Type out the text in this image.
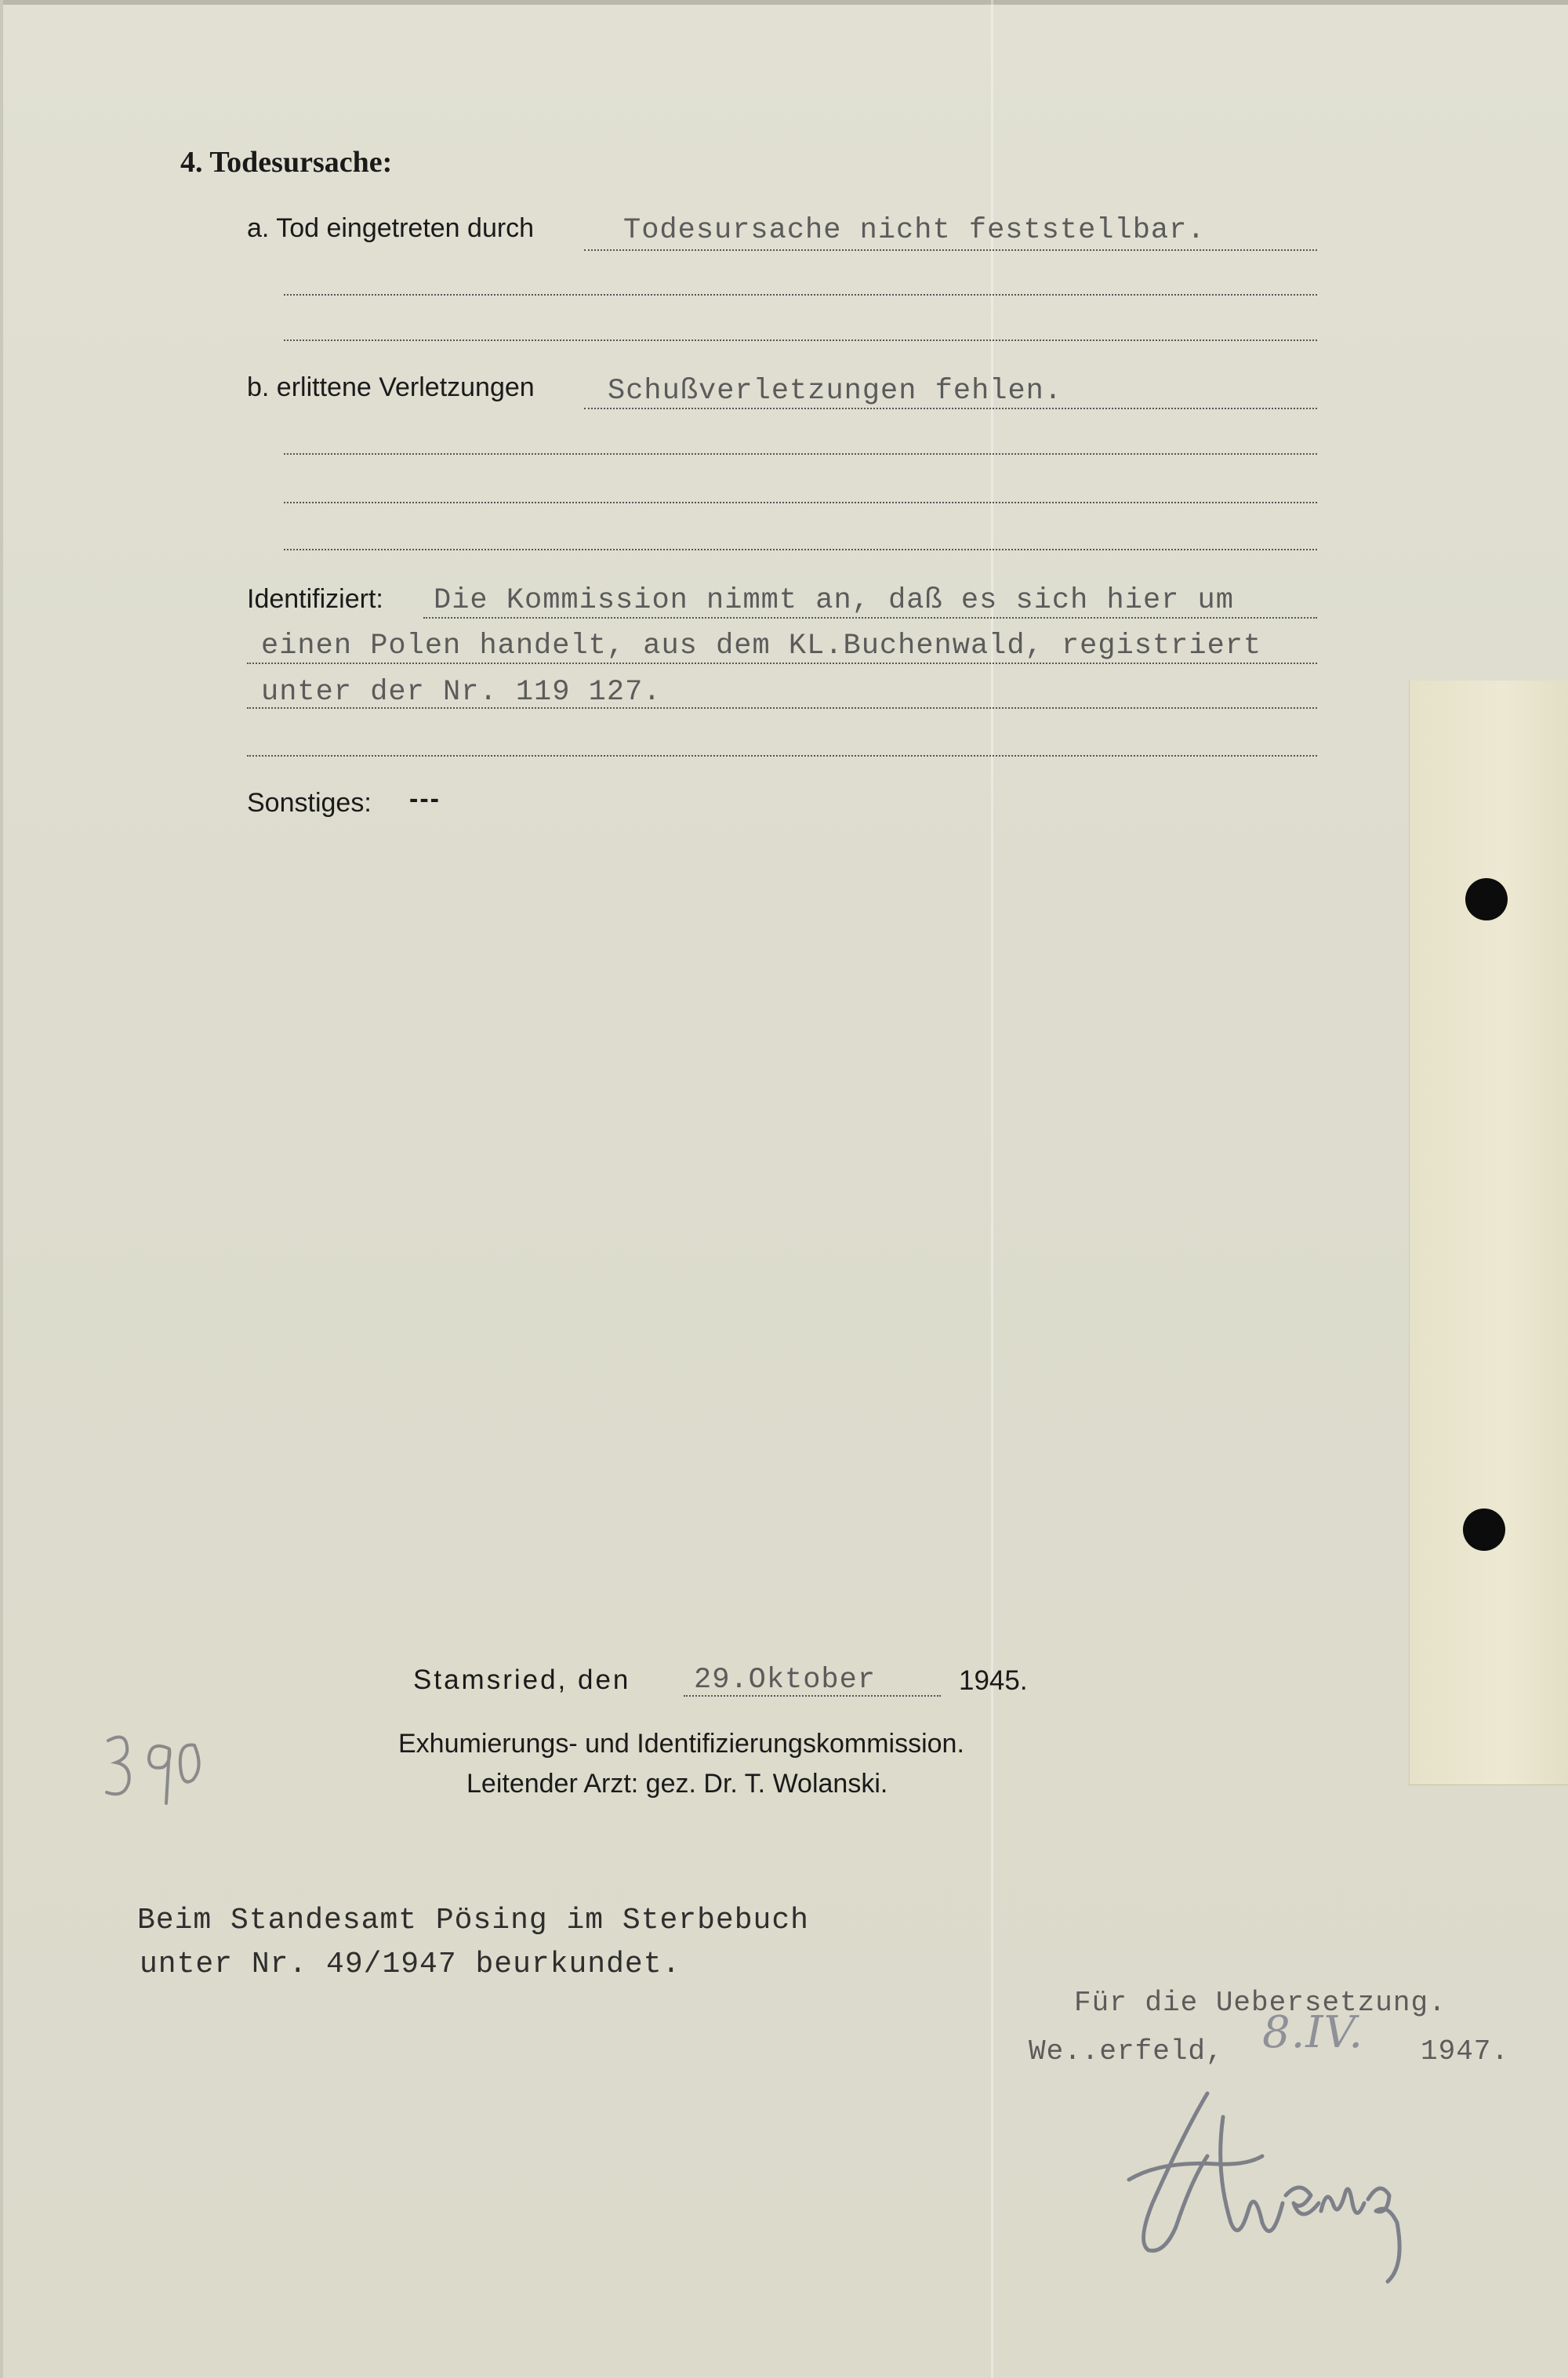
4. Todesursache:
a. Tod eingetreten durch	Todesursache nicht feststellbar.
b. erlittene Verletzungen	Schußverletzungen fehlen.
Identifiziert: Die Kommission nimmt an, daß es sich hier um
einen Polen handelt, aus dem KL.Buchenwald, registriert
unter der Nr. 119 127.
Sonstiges: ---
Stamsried, den 29.Oktober	1945.
Exhumierungs- und Identifizierungskommission.
Leitender Arzt: gez. Dr. T. Wolanski.
Beim Standesamt Pösing im Sterbebuch
unter Nr. 49/1947 beurkundet.
Für die Uebersetzung.
We..erfeld, 8.IV. 1947.
